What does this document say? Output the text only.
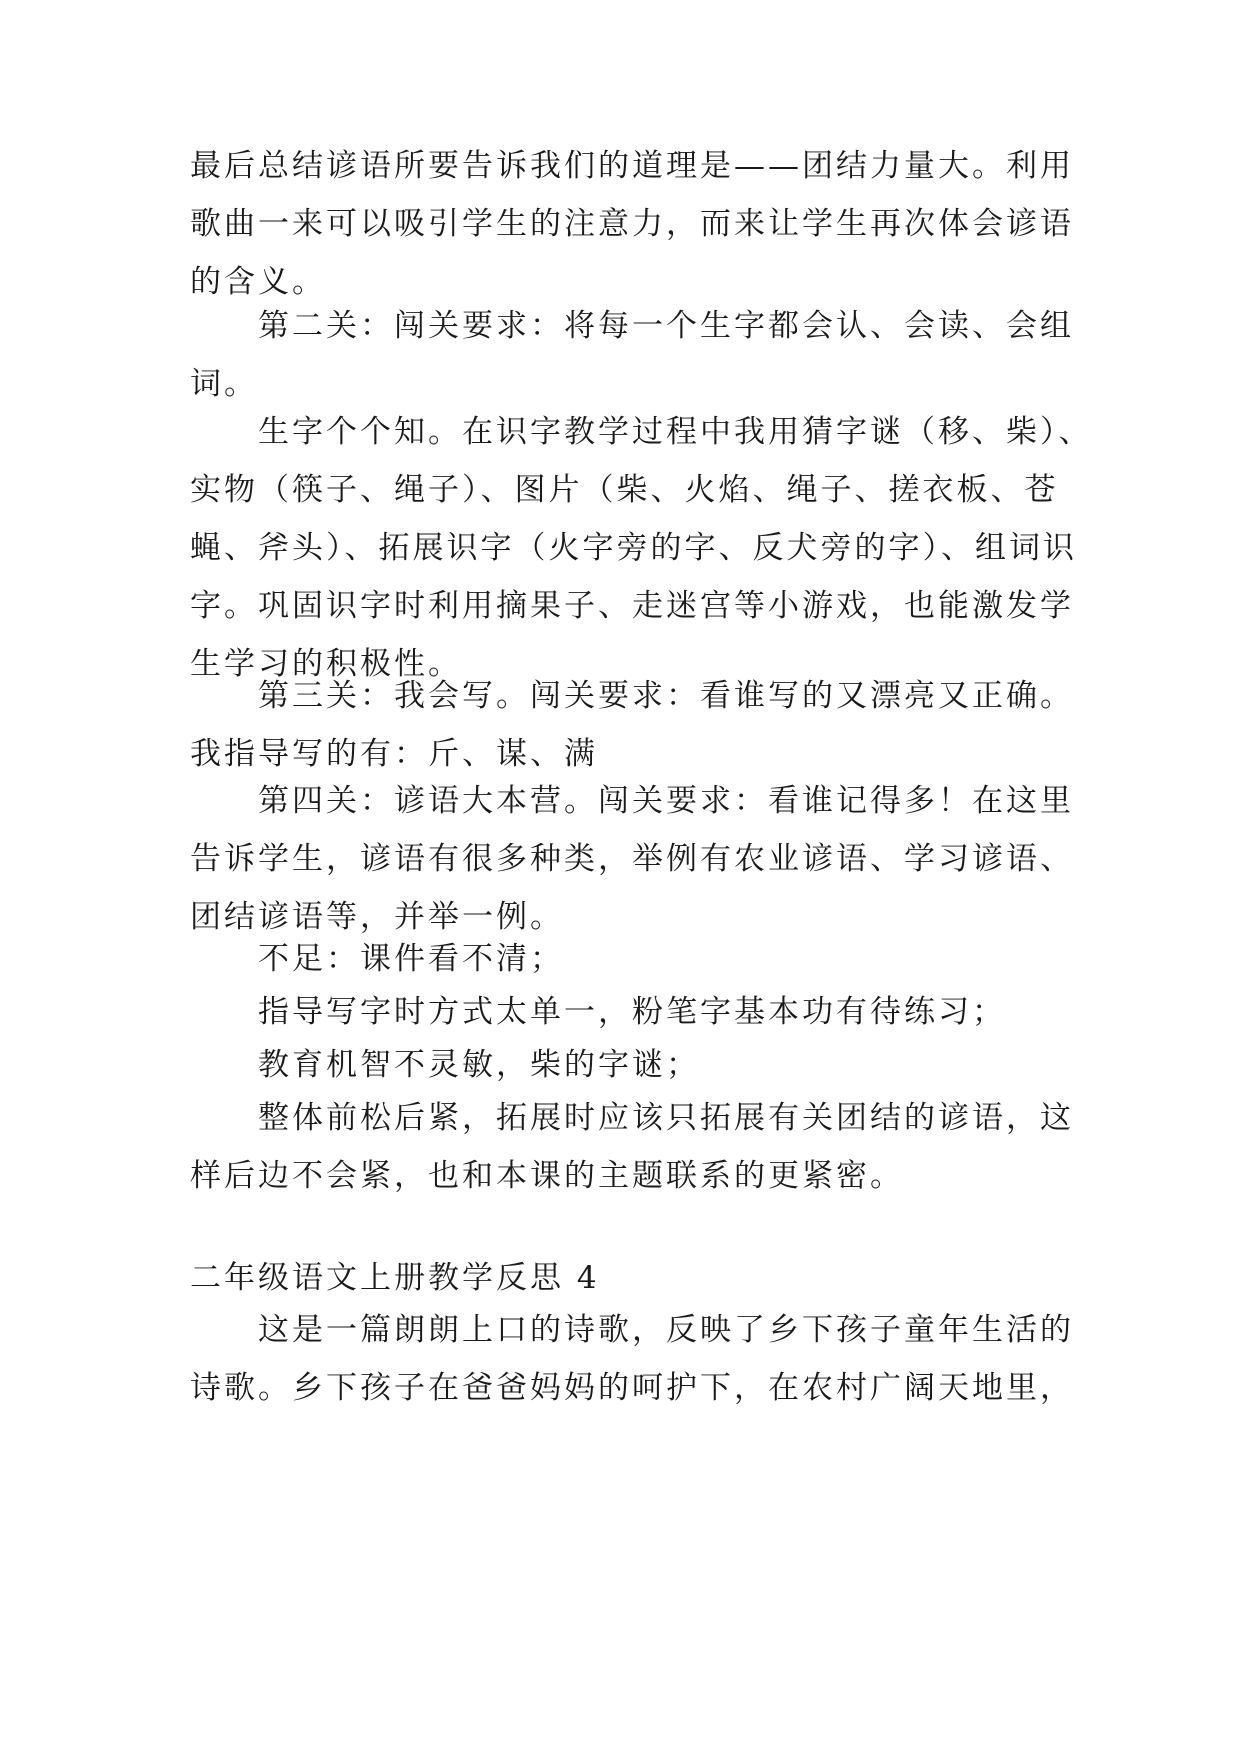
最后总结谚语所要告诉我们的道理是——团结力量大。利用
歌曲一来可以吸引学生的注意力，而来让学生再次体会谚语
的含义。
第二关：闯关要求：将每一个生字都会认、会读、会组
词。
生字个个知。在识字教学过程中我用猜字谜（移、柴）、
实物（筷子、绳子）、图片（柴、火焰、绳子、搓衣板、苍
蝇、斧头）、拓展识字（火字旁的字、反犬旁的字）、组词识
字。巩固识字时利用摘果子、走迷宫等小游戏，也能激发学
生学习的积极性。
第三关：我会写。闯关要求：看谁写的又漂亮又正确。
我指导写的有：斤、谋、满
第四关：谚语大本营。闯关要求：看谁记得多！在这里
告诉学生，谚语有很多种类，举例有农业谚语、学习谚语、
团结谚语等，并举一例。
不足：课件看不清；
指导写字时方式太单一，粉笔字基本功有待练习；
教育机智不灵敏，柴的字谜；
整体前松后紧，拓展时应该只拓展有关团结的谚语，这
样后边不会紧，也和本课的主题联系的更紧密。
二年级语文上册教学反思 4
这是一篇朗朗上口的诗歌，反映了乡下孩子童年生活的
诗歌。乡下孩子在爸爸妈妈的呵护下，在农村广阔天地里，
